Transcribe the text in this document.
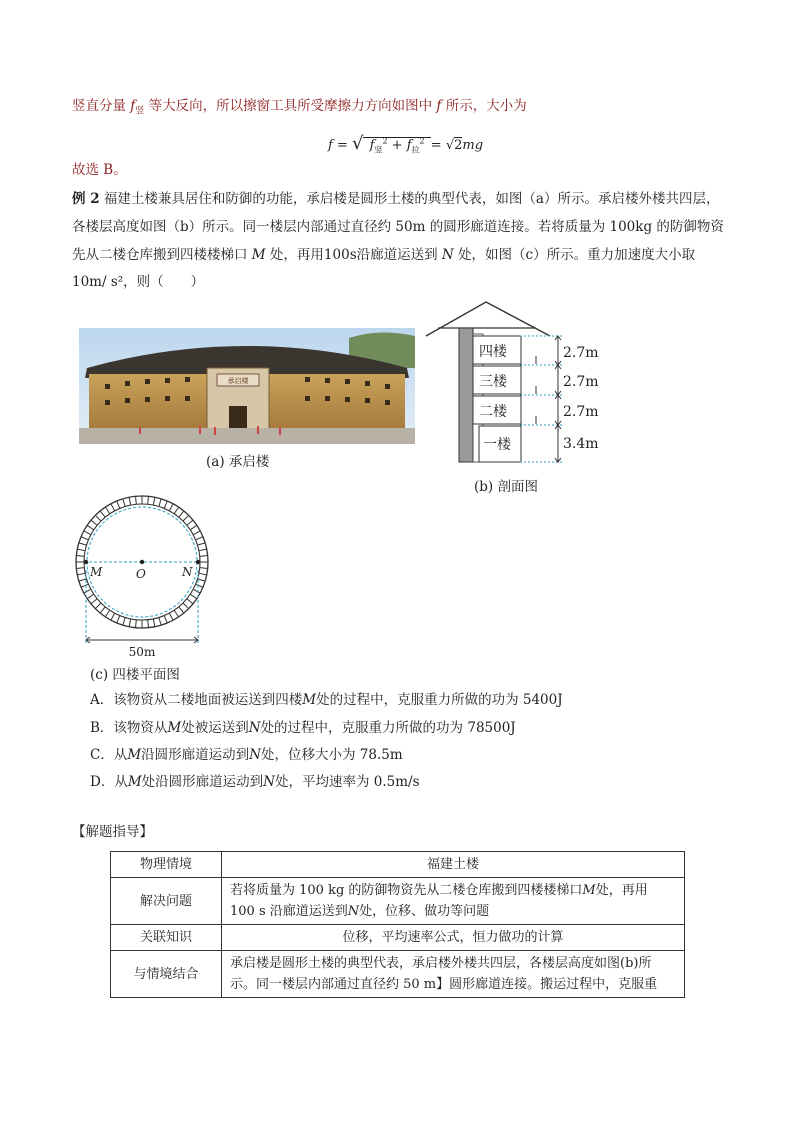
竖直分量 $f_竖$ 等大反向，所以擦窗工具所受摩擦力方向如图中 f 所示，大小为
f = √ $f_竖^2 + f_拉^2 = √2mg$
故选 B。
例 2 福建土楼兼具居住和防御的功能，承启楼是圆形土楼的典型代表，如图（a）所示。承启楼外楼共四层，
各楼层高度如图（b）所示。同一楼层内部通过直径约 50m 的圆形廊道连接。若将质量为 100kg 的防御物资
先从二楼仓库搬到四楼楼梯口 M 处，再用100s沿廊道运送到 N 处，如图（c）所示。重力加速度大小取
10m/ s²，则（　　）
承启楼
(a) 承启楼
四楼
三楼
二楼
一楼
2.7m
2.7m
2.7m
3.4m
(b) 剖面图
M	O	N
50m
(c) 四楼平面图
A．该物资从二楼地面被运送到四楼M处的过程中，克服重力所做的功为 5400J
B．该物资从M处被运送到N处的过程中，克服重力所做的功为 78500J
C．从M沿圆形廊道运动到N处，位移大小为 78.5m
D．从M处沿圆形廊道运动到N处，平均速率为 0.5m/s
【解题指导】
物理情境	福建土楼
解决问题	若将质量为 100 kg 的防御物资先从二楼仓库搬到四楼楼梯口M处，再用
100 s 沿廊道运送到N处，位移、做功等问题
关联知识	位移，平均速率公式，恒力做功的计算
与情境结合	承启楼是圆形土楼的典型代表，承启楼外楼共四层，各楼层高度如图(b)所
示。同一楼层内部通过直径约 50 m】圆形廊道连接。搬运过程中，克服重
